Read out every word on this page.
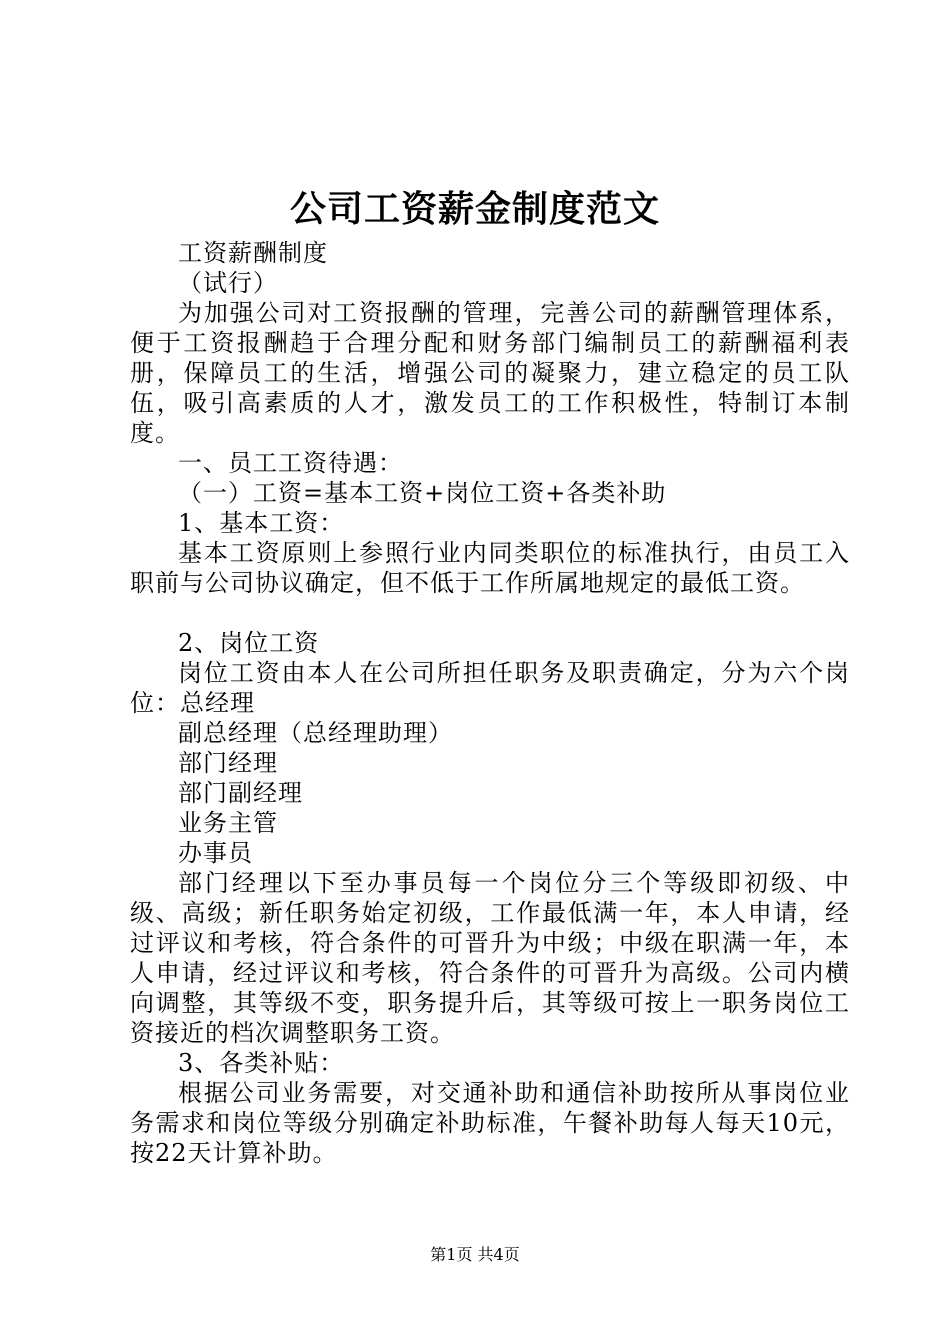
公司工资薪金制度范文

工资薪酬制度

（试行）

为加强公司对工资报酬的管理，完善公司的薪酬管理体系，便于工资报酬趋于合理分配和财务部门编制员工的薪酬福利表册，保障员工的生活，增强公司的凝聚力，建立稳定的员工队伍，吸引高素质的人才，激发员工的工作积极性，特制订本制度。

一、员工工资待遇：

（一）工资=基本工资+岗位工资+各类补助

1、基本工资：

基本工资原则上参照行业内同类职位的标准执行，由员工入职前与公司协议确定，但不低于工作所属地规定的最低工资。

2、岗位工资

岗位工资由本人在公司所担任职务及职责确定，分为六个岗位：总经理

副总经理（总经理助理）

部门经理

部门副经理

业务主管

办事员

部门经理以下至办事员每一个岗位分三个等级即初级、中级、高级；新任职务始定初级，工作最低满一年，本人申请，经过评议和考核，符合条件的可晋升为中级；中级在职满一年，本人申请，经过评议和考核，符合条件的可晋升为高级。公司内横向调整，其等级不变，职务提升后，其等级可按上一职务岗位工资接近的档次调整职务工资。

3、各类补贴：

根据公司业务需要，对交通补助和通信补助按所从事岗位业务需求和岗位等级分别确定补助标准，午餐补助每人每天10元，按22天计算补助。

第1页 共4页
